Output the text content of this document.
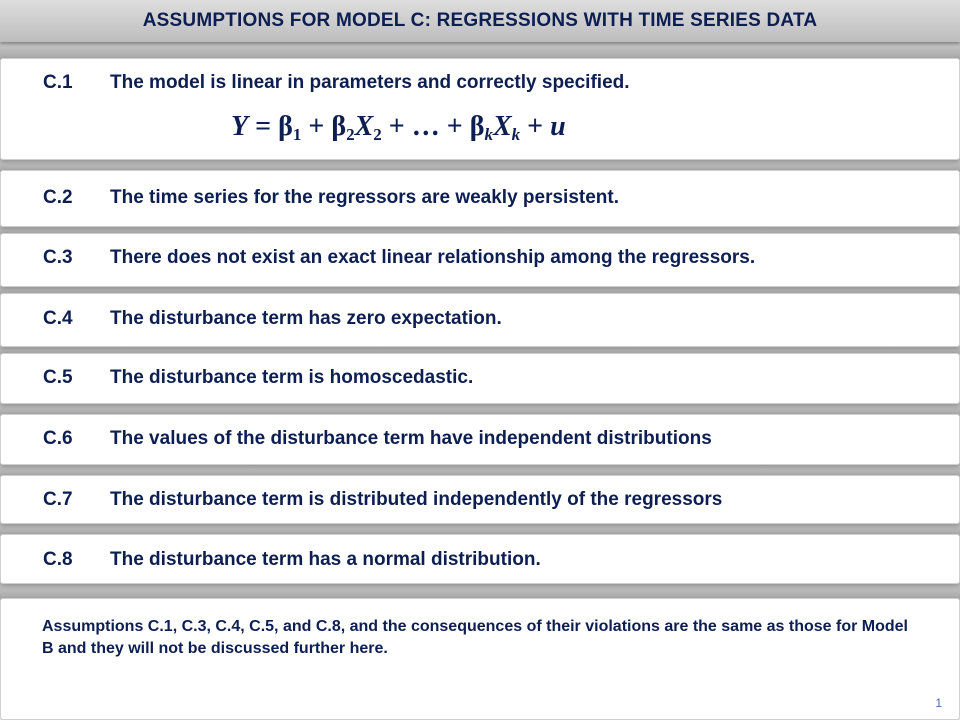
ASSUMPTIONS FOR MODEL C: REGRESSIONS WITH TIME SERIES DATA
C.1 The model is linear in parameters and correctly specified.
$Y = \beta_1 + \beta_2X_2$ + … + $\beta_kX_k + u$
C.2 The time series for the regressors are weakly persistent.
C.3 There does not exist an exact linear relationship among the regressors.
C.4 The disturbance term has zero expectation.
C.5 The disturbance term is homoscedastic.
C.6 The values of the disturbance term have independent distributions
C.7 The disturbance term is distributed independently of the regressors
C.8 The disturbance term has a normal distribution.
Assumptions C.1, C.3, C.4, C.5, and C.8, and the consequences of their violations are the same as those for Model B and they will not be discussed further here.
1
